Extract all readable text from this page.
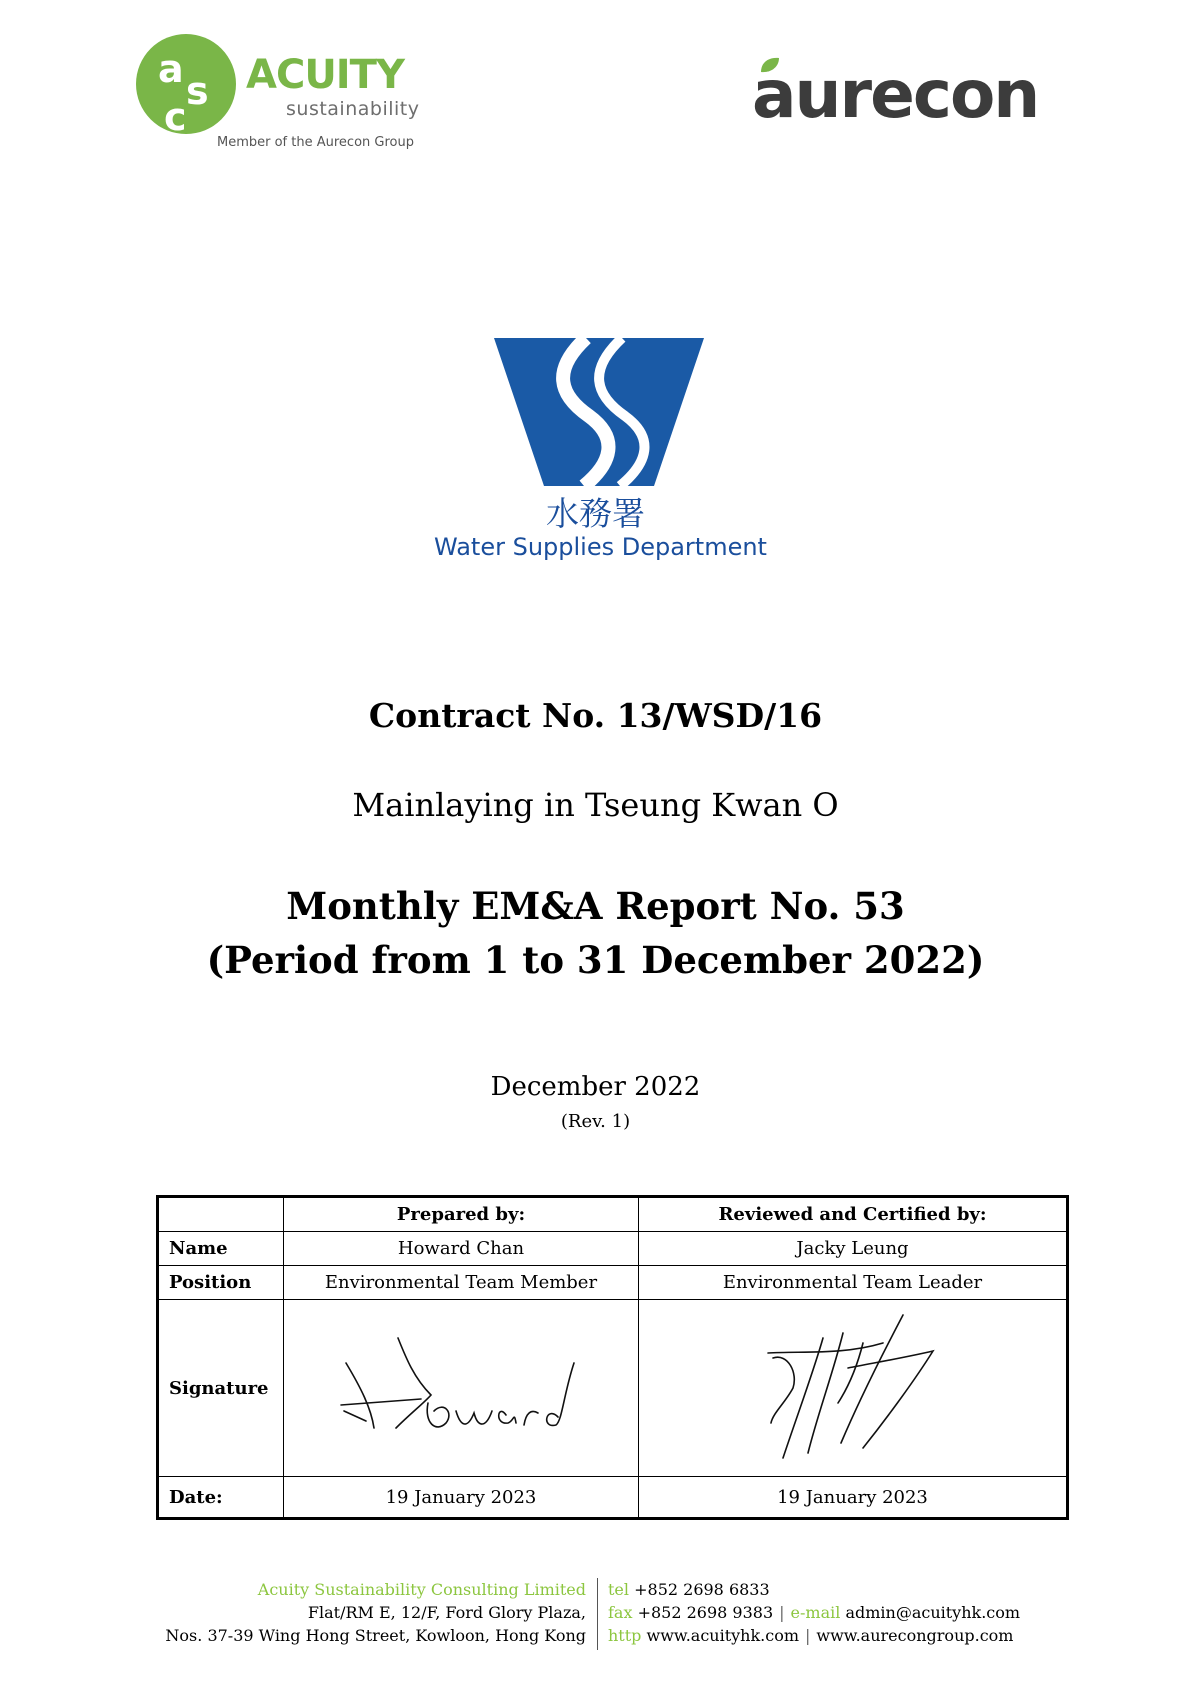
a s
c
ACUITY
sustainability
Member of the Aurecon Group
aurecon
水務署
Water Supplies Department
Contract No. 13/WSD/16
Mainlaying in Tseung Kwan O
Monthly EM&A Report No. 53
(Period from 1 to 31 December 2022)
December 2022
(Rev. 1)
	Prepared by:	Reviewed and Certified by:
Name	Howard Chan	Jacky Leung
Position	Environmental Team Member	Environmental Team Leader
Signature	

Date:	19 January 2023	19 January 2023
Acuity Sustainability Consulting Limited
Flat/RM E, 12/F, Ford Glory Plaza,
Nos. 37-39 Wing Hong Street, Kowloon, Hong Kong
tel +852 2698 6833
fax +852 2698 9383 | e-mail admin@acuityhk.com
http www.acuityhk.com | www.aurecongroup.com
